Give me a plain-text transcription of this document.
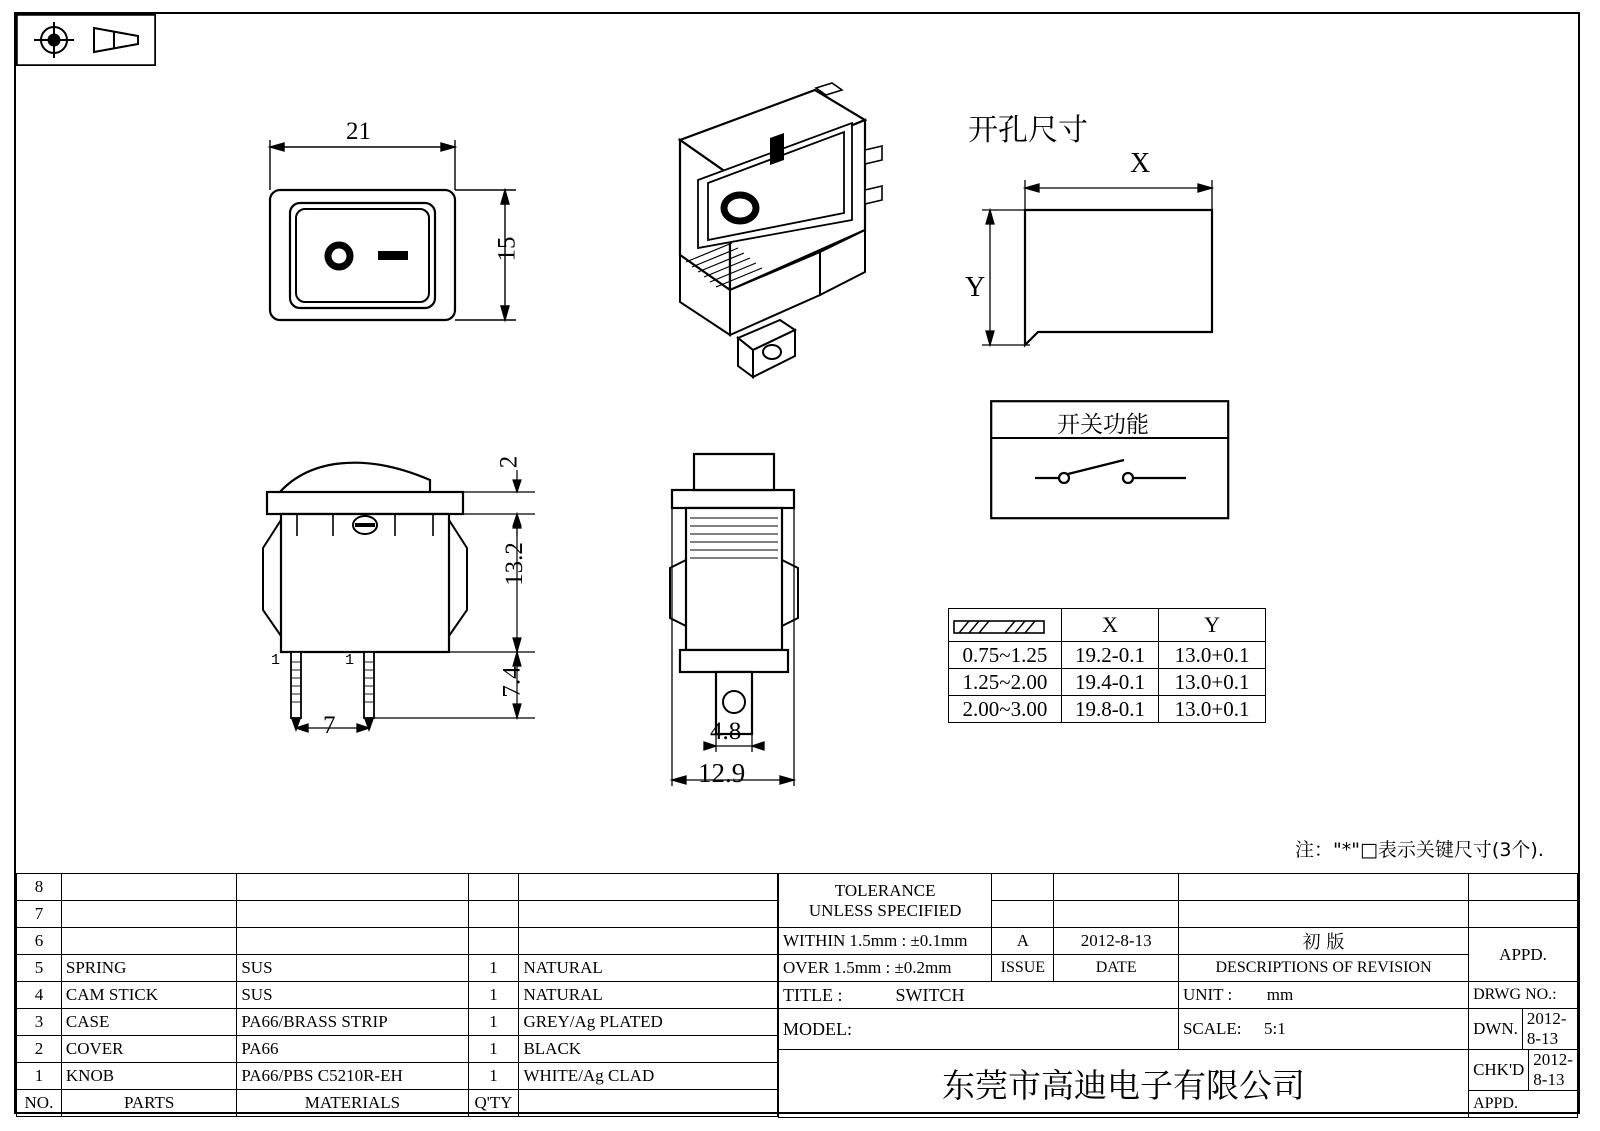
21
15
7
1	1
2
13.2
7.4
4.8
12.9
开孔尺寸
X
Y
开关功能
	X	Y
0.75~1.25	19.2-0.1	13.0+0.1
1.25~2.00	19.4-0.1	13.0+0.1
2.00~3.00	19.8-0.1	13.0+0.1
注："*"□表示关键尺寸(3个).
8				
7				
6				
5	SPRING	SUS	1	NATURAL
4	CAM STICK	SUS	1	NATURAL
3	CASE	PA66/BRASS STRIP	1	GREY/Ag PLATED
2	COVER	PA66	1	BLACK
1	KNOB	PA66/PBS C5210R-EH	1	WHITE/Ag CLAD
NO.	PARTS	MATERIALS	Q'TY	
TOLERANCE
UNLESS SPECIFIED

WITHIN 1.5mm : ±0.1mm	A	2012-8-13	初 版	APPD.
OVER 1.5mm : ±0.2mm	ISSUE	DATE	DESCRIPTIONS OF REVISION
TITLE :	SWITCH	UNIT : mm	DRWG NO.:
MODEL:	SCALE: 5:1		DWN.	2012-8-13

东莞市高迪电子有限公司		CHK'D	2012-8-13

APPD.
